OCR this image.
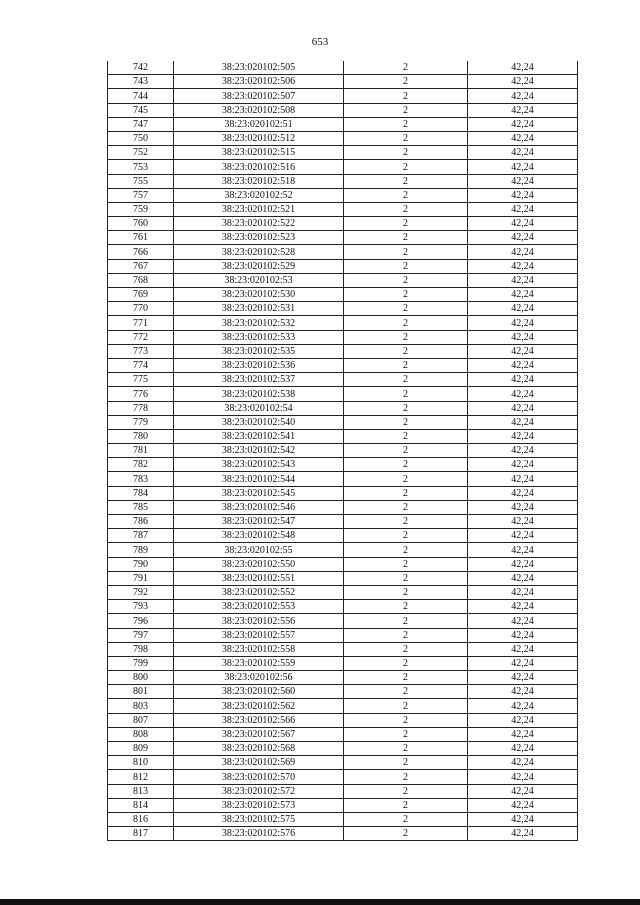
653
742	38:23:020102:505	2	42,24
743	38:23:020102:506	2	42,24
744	38:23:020102:507	2	42,24
745	38:23:020102:508	2	42,24
747	38:23:020102:51	2	42,24
750	38:23:020102:512	2	42,24
752	38:23:020102:515	2	42,24
753	38:23:020102:516	2	42,24
755	38:23:020102:518	2	42,24
757	38:23:020102:52	2	42,24
759	38:23:020102:521	2	42,24
760	38:23:020102:522	2	42,24
761	38:23:020102:523	2	42,24
766	38:23:020102:528	2	42,24
767	38:23:020102:529	2	42,24
768	38:23:020102:53	2	42,24
769	38:23:020102:530	2	42,24
770	38:23:020102:531	2	42,24
771	38:23:020102:532	2	42,24
772	38:23:020102:533	2	42,24
773	38:23:020102:535	2	42,24
774	38:23:020102:536	2	42,24
775	38:23:020102:537	2	42,24
776	38:23:020102:538	2	42,24
778	38:23:020102:54	2	42,24
779	38:23:020102:540	2	42,24
780	38:23:020102:541	2	42,24
781	38:23:020102:542	2	42,24
782	38:23:020102:543	2	42,24
783	38:23:020102:544	2	42,24
784	38:23:020102:545	2	42,24
785	38:23:020102:546	2	42,24
786	38:23:020102:547	2	42,24
787	38:23:020102:548	2	42,24
789	38:23:020102:55	2	42,24
790	38:23:020102:550	2	42,24
791	38:23:020102:551	2	42,24
792	38:23:020102:552	2	42,24
793	38:23:020102:553	2	42,24
796	38:23:020102:556	2	42,24
797	38:23:020102:557	2	42,24
798	38:23:020102:558	2	42,24
799	38:23:020102:559	2	42,24
800	38:23:020102:56	2	42,24
801	38:23:020102:560	2	42,24
803	38:23:020102:562	2	42,24
807	38:23:020102:566	2	42,24
808	38:23:020102:567	2	42,24
809	38:23:020102:568	2	42,24
810	38:23:020102:569	2	42,24
812	38:23:020102:570	2	42,24
813	38:23:020102:572	2	42,24
814	38:23:020102:573	2	42,24
816	38:23:020102:575	2	42,24
817	38:23:020102:576	2	42,24
